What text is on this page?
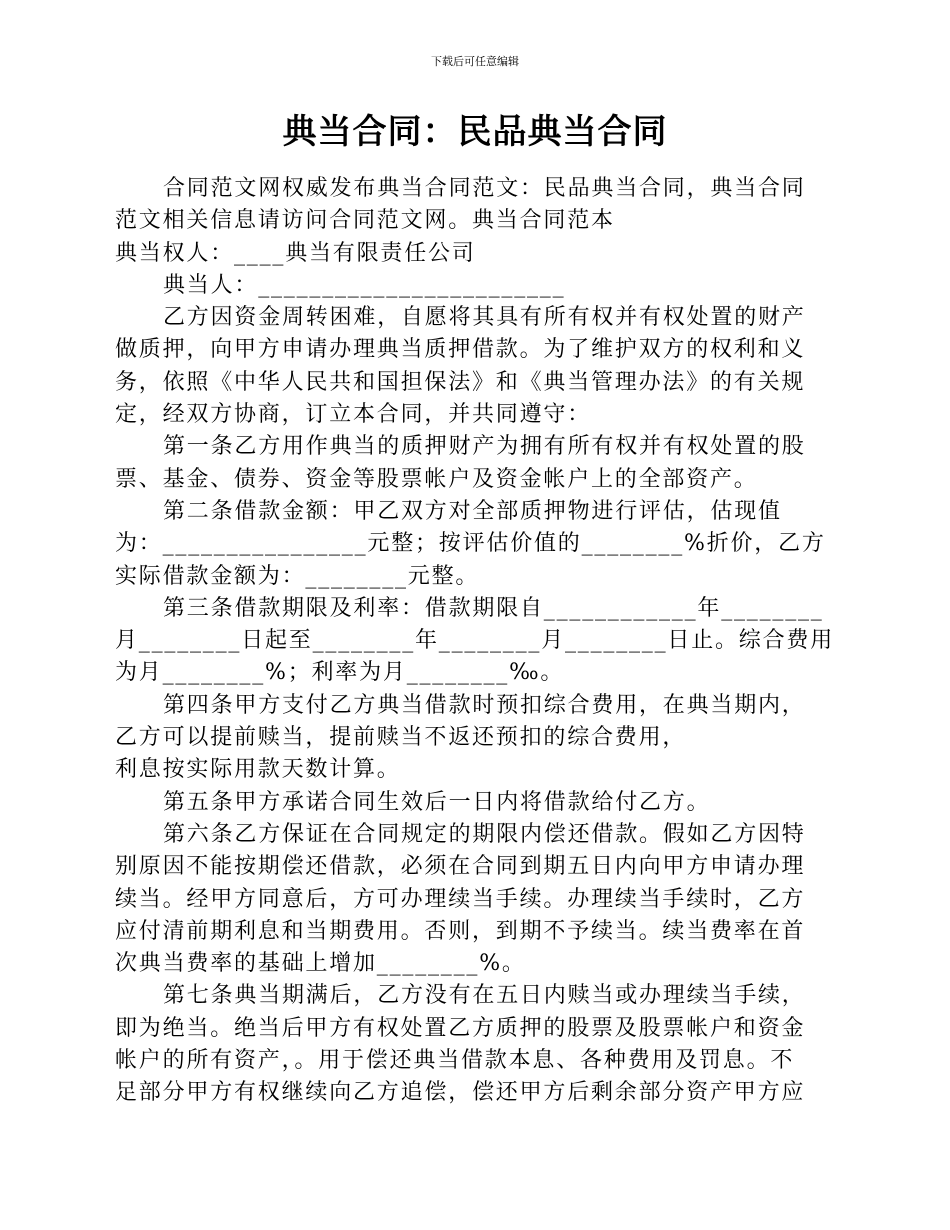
下载后可任意编辑
典当合同：民品典当合同

合同范文网权威发布典当合同范文：民品典当合同，典当合同

范文相关信息请访问合同范文网。典当合同范本

典当权人：____典当有限责任公司

典当人：________________________

乙方因资金周转困难，自愿将其具有所有权并有权处置的财产

做质押，向甲方申请办理典当质押借款。为了维护双方的权利和义

务，依照《中华人民共和国担保法》和《典当管理办法》的有关规

定，经双方协商，订立本合同，并共同遵守：

第一条乙方用作典当的质押财产为拥有所有权并有权处置的股

票、基金、债券、资金等股票帐户及资金帐户上的全部资产。

第二条借款金额：甲乙双方对全部质押物进行评估，估现值

为：________________元整；按评估价值的________%折价，乙方

实际借款金额为：________元整。

第三条借款期限及利率：借款期限自____________年________

月________日起至________年________月________日止。综合费用

为月________%；利率为月________‰。

第四条甲方支付乙方典当借款时预扣综合费用，在典当期内，

乙方可以提前赎当，提前赎当不返还预扣的综合费用，

利息按实际用款天数计算。

第五条甲方承诺合同生效后一日内将借款给付乙方。

第六条乙方保证在合同规定的期限内偿还借款。假如乙方因特

别原因不能按期偿还借款，必须在合同到期五日内向甲方申请办理

续当。经甲方同意后，方可办理续当手续。办理续当手续时，乙方

应付清前期利息和当期费用。否则，到期不予续当。续当费率在首

次典当费率的基础上增加________%。

第七条典当期满后，乙方没有在五日内赎当或办理续当手续，

即为绝当。绝当后甲方有权处置乙方质押的股票及股票帐户和资金

帐户的所有资产，。用于偿还典当借款本息、各种费用及罚息。不

足部分甲方有权继续向乙方追偿，偿还甲方后剩余部分资产甲方应
